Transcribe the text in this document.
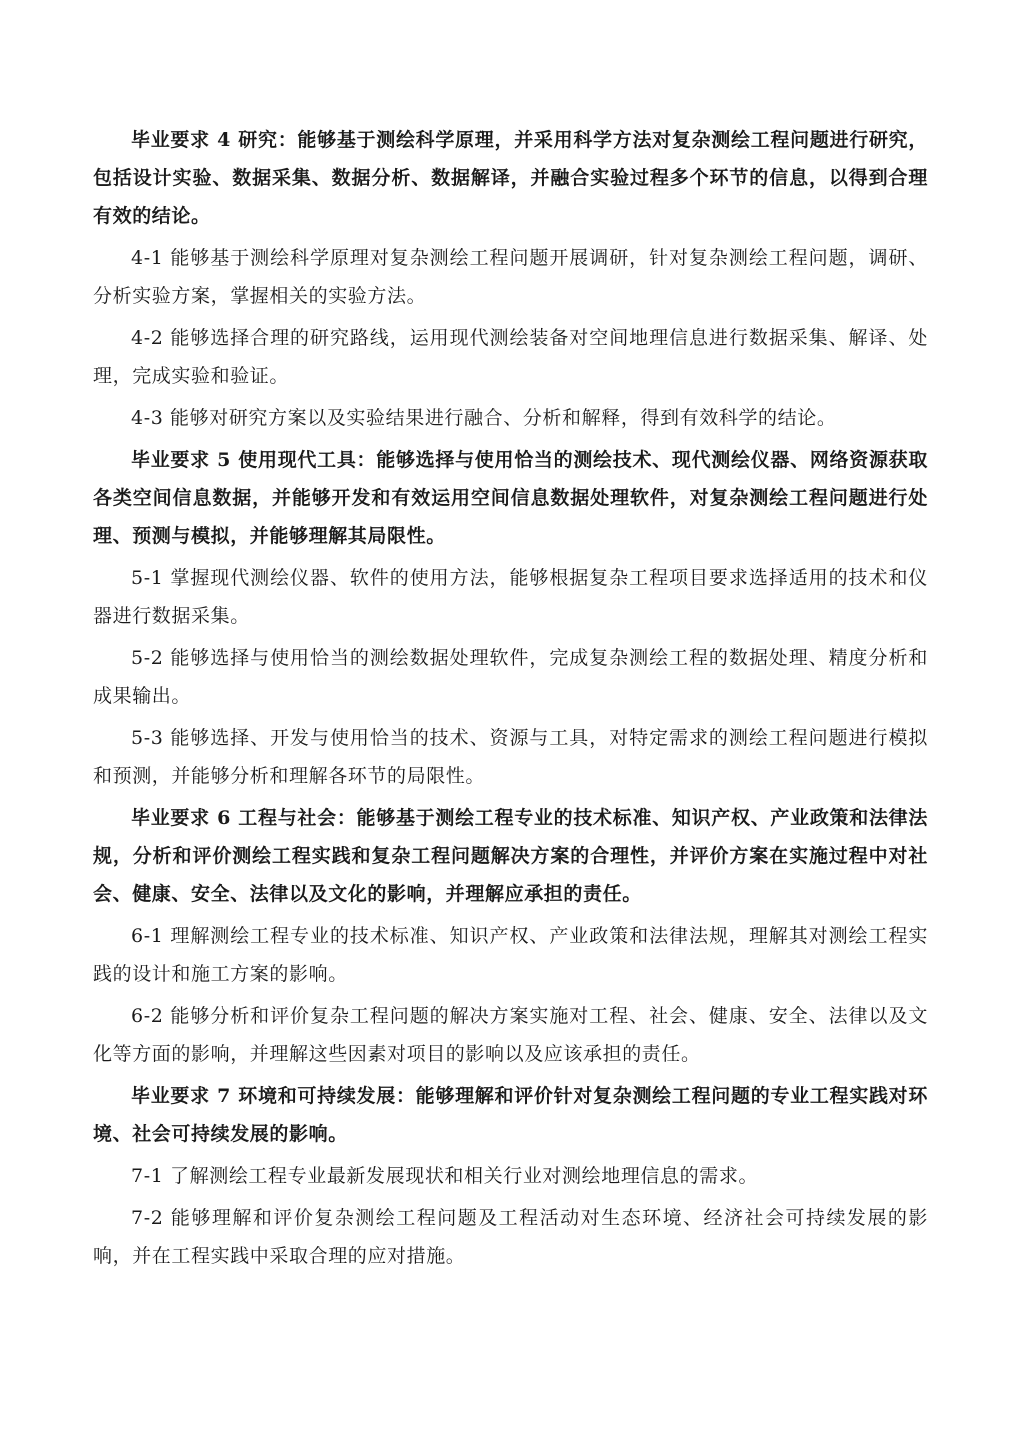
毕业要求 4 研究：能够基于测绘科学原理，并采用科学方法对复杂测绘工程问题进行研究，包括设计实验、数据采集、数据分析、数据解译，并融合实验过程多个环节的信息，以得到合理有效的结论。

4-1 能够基于测绘科学原理对复杂测绘工程问题开展调研，针对复杂测绘工程问题，调研、分析实验方案，掌握相关的实验方法。

4-2 能够选择合理的研究路线，运用现代测绘装备对空间地理信息进行数据采集、解译、处理，完成实验和验证。

4-3 能够对研究方案以及实验结果进行融合、分析和解释，得到有效科学的结论。

毕业要求 5 使用现代工具：能够选择与使用恰当的测绘技术、现代测绘仪器、网络资源获取各类空间信息数据，并能够开发和有效运用空间信息数据处理软件，对复杂测绘工程问题进行处理、预测与模拟，并能够理解其局限性。

5-1 掌握现代测绘仪器、软件的使用方法，能够根据复杂工程项目要求选择适用的技术和仪器进行数据采集。

5-2 能够选择与使用恰当的测绘数据处理软件，完成复杂测绘工程的数据处理、精度分析和成果输出。

5-3 能够选择、开发与使用恰当的技术、资源与工具，对特定需求的测绘工程问题进行模拟和预测，并能够分析和理解各环节的局限性。

毕业要求 6 工程与社会：能够基于测绘工程专业的技术标准、知识产权、产业政策和法律法规，分析和评价测绘工程实践和复杂工程问题解决方案的合理性，并评价方案在实施过程中对社会、健康、安全、法律以及文化的影响，并理解应承担的责任。

6-1 理解测绘工程专业的技术标准、知识产权、产业政策和法律法规，理解其对测绘工程实践的设计和施工方案的影响。

6-2 能够分析和评价复杂工程问题的解决方案实施对工程、社会、健康、安全、法律以及文化等方面的影响，并理解这些因素对项目的影响以及应该承担的责任。

毕业要求 7 环境和可持续发展：能够理解和评价针对复杂测绘工程问题的专业工程实践对环境、社会可持续发展的影响。

7-1 了解测绘工程专业最新发展现状和相关行业对测绘地理信息的需求。

7-2 能够理解和评价复杂测绘工程问题及工程活动对生态环境、经济社会可持续发展的影响，并在工程实践中采取合理的应对措施。
